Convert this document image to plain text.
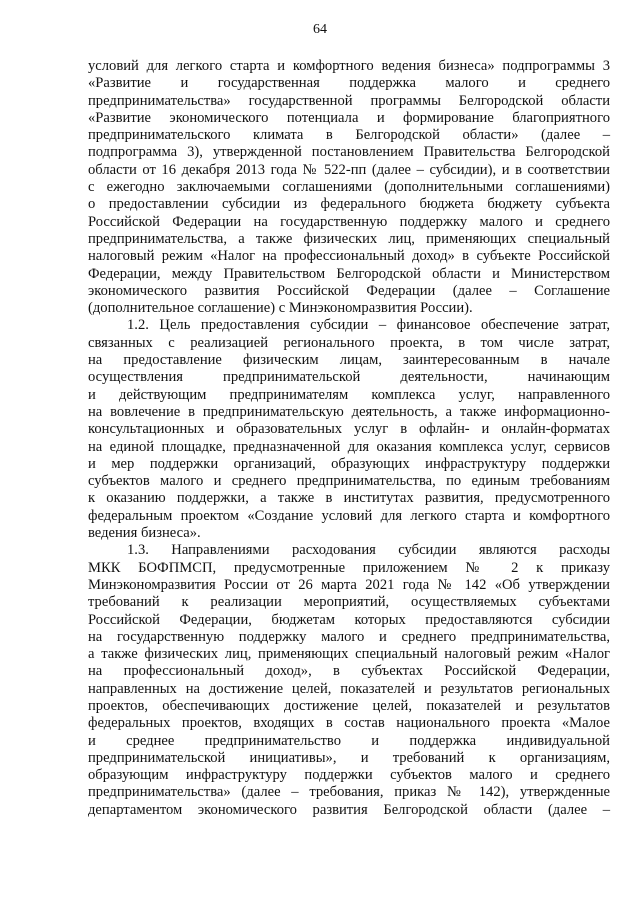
64
условий для легкого старта и комфортного ведения бизнеса» подпрограммы 3
«Развитие и государственная поддержка малого и среднего
предпринимательства» государственной программы Белгородской области
«Развитие экономического потенциала и формирование благоприятного
предпринимательского климата в Белгородской области» (далее –
подпрограмма 3), утвержденной постановлением Правительства Белгородской
области от 16 декабря 2013 года № 522-пп (далее – субсидии), и в соответствии
с ежегодно заключаемыми соглашениями (дополнительными соглашениями)
о предоставлении субсидии из федерального бюджета бюджету субъекта
Российской Федерации на государственную поддержку малого и среднего
предпринимательства, а также физических лиц, применяющих специальный
налоговый режим «Налог на профессиональный доход» в субъекте Российской
Федерации, между Правительством Белгородской области и Министерством
экономического развития Российской Федерации (далее – Соглашение
(дополнительное соглашение) с Минэкономразвития России).
1.2. Цель предоставления субсидии – финансовое обеспечение затрат,
связанных с реализацией регионального проекта, в том числе затрат,
на предоставление физическим лицам, заинтересованным в начале
осуществления предпринимательской деятельности, начинающим
и действующим предпринимателям комплекса услуг, направленного
на вовлечение в предпринимательскую деятельность, а также информационно-
консультационных и образовательных услуг в офлайн- и онлайн-форматах
на единой площадке, предназначенной для оказания комплекса услуг, сервисов
и мер поддержки организаций, образующих инфраструктуру поддержки
субъектов малого и среднего предпринимательства, по единым требованиям
к оказанию поддержки, а также в институтах развития, предусмотренного
федеральным проектом «Создание условий для легкого старта и комфортного
ведения бизнеса».
1.3. Направлениями расходования субсидии являются расходы
МКК БОФПМСП, предусмотренные приложением № 2 к приказу
Минэкономразвития России от 26 марта 2021 года № 142 «Об утверждении
требований к реализации мероприятий, осуществляемых субъектами
Российской Федерации, бюджетам которых предоставляются субсидии
на государственную поддержку малого и среднего предпринимательства,
а также физических лиц, применяющих специальный налоговый режим «Налог
на профессиональный доход», в субъектах Российской Федерации,
направленных на достижение целей, показателей и результатов региональных
проектов, обеспечивающих достижение целей, показателей и результатов
федеральных проектов, входящих в состав национального проекта «Малое
и среднее предпринимательство и поддержка индивидуальной
предпринимательской инициативы», и требований к организациям,
образующим инфраструктуру поддержки субъектов малого и среднего
предпринимательства» (далее – требования, приказ № 142), утвержденные
департаментом экономического развития Белгородской области (далее –
